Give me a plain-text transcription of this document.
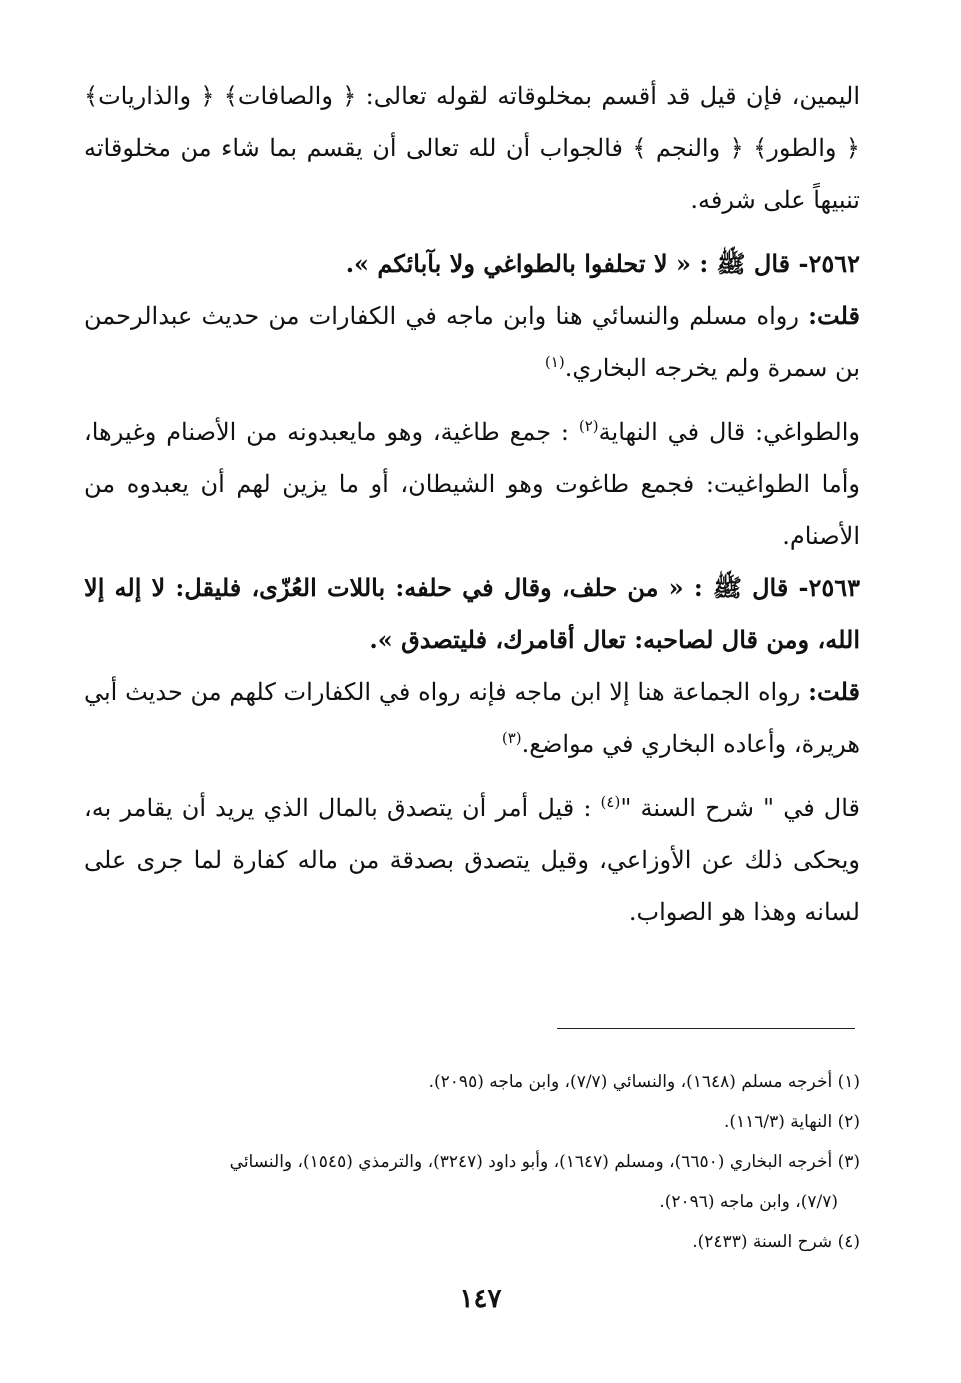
اليمين، فإن قيل قد أقسم بمخلوقاته لقوله تعالى: ﴿ والصافات﴾ ﴿ والذاريات﴾ ﴿ والطور﴾ ﴿ والنجم ﴾ فالجواب أن لله تعالى أن يقسم بما شاء من مخلوقاته تنبيهاً على شرفه.

٢٥٦٢- قال ﷺ : « لا تحلفوا بالطواغي ولا بآبائكم ».

قلت: رواه مسلم والنسائي هنا وابن ماجه في الكفارات من حديث عبدالرحمن بن سمرة ولم يخرجه البخاري.$^{(١)}$

والطواغي: قال في النهاية$^{(٢)}$ : جمع طاغية، وهو مايعبدونه من الأصنام وغيرها، وأما الطواغيت: فجمع طاغوت وهو الشيطان، أو ما يزين لهم أن يعبدوه من الأصنام.

٢٥٦٣- قال ﷺ : « من حلف، وقال في حلفه: باللات العُزّى، فليقل: لا إله إلا الله، ومن قال لصاحبه: تعال أقامرك، فليتصدق ».

قلت: رواه الجماعة هنا إلا ابن ماجه فإنه رواه في الكفارات كلهم من حديث أبي هريرة، وأعاده البخاري في مواضع.$^{(٣)}$

قال في " شرح السنة "$^{(٤)}$ : قيل أمر أن يتصدق بالمال الذي يريد أن يقامر به، ويحكى ذلك عن الأوزاعي، وقيل يتصدق بصدقة من ماله كفارة لما جرى على لسانه وهذا هو الصواب.

(١) أخرجه مسلم (١٦٤٨)، والنسائي (٧/٧)، وابن ماجه (٢٠٩٥).

(٢) النهاية (١١٦/٣).

(٣) أخرجه البخاري (٦٦٥٠)، ومسلم (١٦٤٧)، وأبو داود (٣٢٤٧)، والترمذي (١٥٤٥)، والنسائي

(٧/٧)، وابن ماجه (٢٠٩٦).

(٤) شرح السنة (٢٤٣٣).

١٤٧
